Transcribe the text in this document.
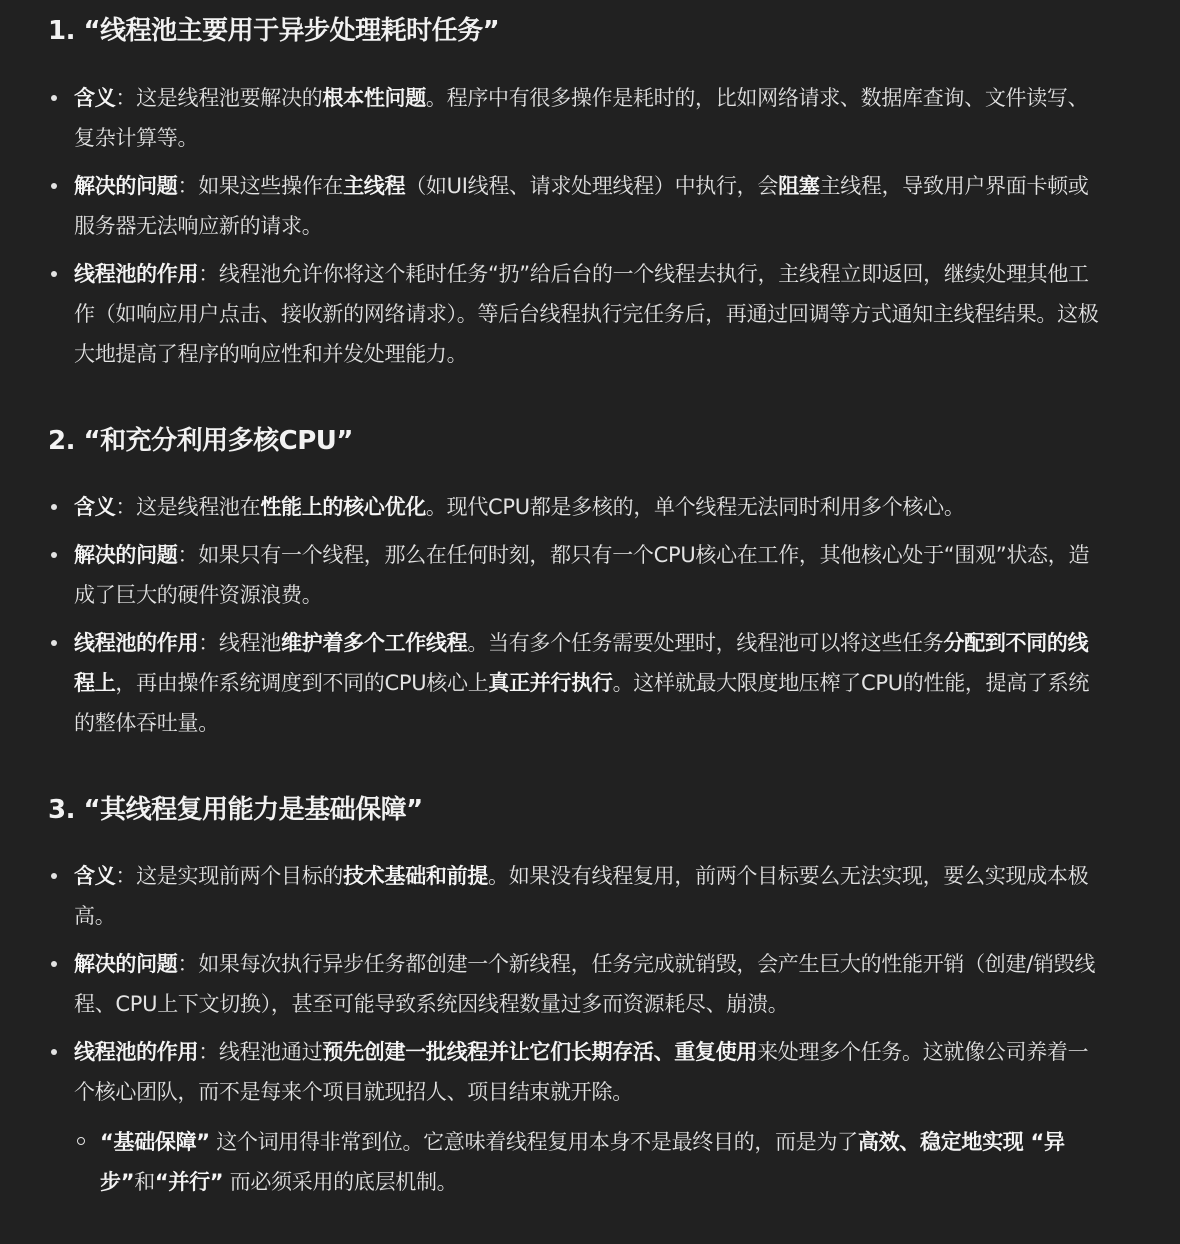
1. “线程池主要用于异步处理耗时任务”
含义：这是线程池要解决的根本性问题。程序中有很多操作是耗时的，比如网络请求、数据库查询、文件读写、复杂计算等。
解决的问题：如果这些操作在主线程（如UI线程、请求处理线程）中执行，会阻塞主线程，导致用户界面卡顿或服务器无法响应新的请求。
线程池的作用：线程池允许你将这个耗时任务“扔”给后台的一个线程去执行，主线程立即返回，继续处理其他工作（如响应用户点击、接收新的网络请求）。等后台线程执行完任务后，再通过回调等方式通知主线程结果。这极大地提高了程序的响应性和并发处理能力。
2. “和充分利用多核CPU”
含义：这是线程池在性能上的核心优化。现代CPU都是多核的，单个线程无法同时利用多个核心。
解决的问题：如果只有一个线程，那么在任何时刻，都只有一个CPU核心在工作，其他核心处于“围观”状态，造成了巨大的硬件资源浪费。
线程池的作用：线程池维护着多个工作线程。当有多个任务需要处理时，线程池可以将这些任务分配到不同的线程上，再由操作系统调度到不同的CPU核心上真正并行执行。这样就最大限度地压榨了CPU的性能，提高了系统的整体吞吐量。
3. “其线程复用能力是基础保障”
含义：这是实现前两个目标的技术基础和前提。如果没有线程复用，前两个目标要么无法实现，要么实现成本极高。
解决的问题：如果每次执行异步任务都创建一个新线程，任务完成就销毁，会产生巨大的性能开销（创建/销毁线程、CPU上下文切换），甚至可能导致系统因线程数量过多而资源耗尽、崩溃。
线程池的作用：线程池通过预先创建一批线程并让它们长期存活、重复使用来处理多个任务。这就像公司养着一个核心团队，而不是每来个项目就现招人、项目结束就开除。
“基础保障” 这个词用得非常到位。它意味着线程复用本身不是最终目的，而是为了高效、稳定地实现 “异步”和“并行” 而必须采用的底层机制。
